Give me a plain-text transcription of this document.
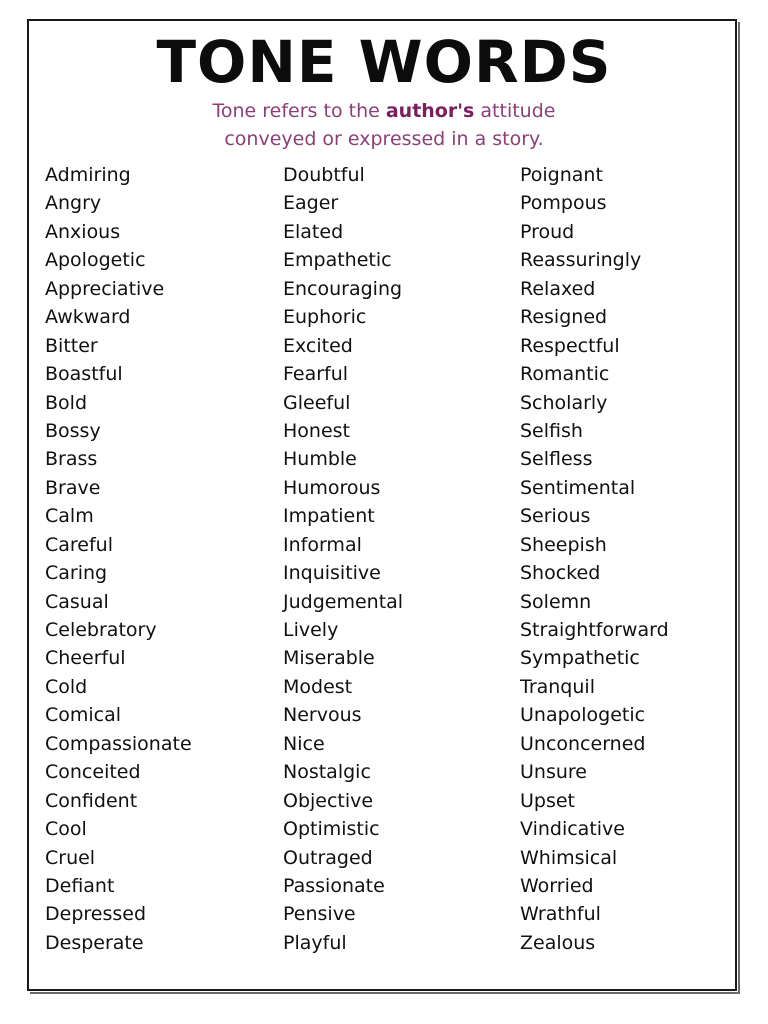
TONE WORDS
Tone refers to the author's attitude
conveyed or expressed in a story.
Admiring
Angry
Anxious
Apologetic
Appreciative
Awkward
Bitter
Boastful
Bold
Bossy
Brass
Brave
Calm
Careful
Caring
Casual
Celebratory
Cheerful
Cold
Comical
Compassionate
Conceited
Confident
Cool
Cruel
Defiant
Depressed
Desperate
Doubtful
Eager
Elated
Empathetic
Encouraging
Euphoric
Excited
Fearful
Gleeful
Honest
Humble
Humorous
Impatient
Informal
Inquisitive
Judgemental
Lively
Miserable
Modest
Nervous
Nice
Nostalgic
Objective
Optimistic
Outraged
Passionate
Pensive
Playful
Poignant
Pompous
Proud
Reassuringly
Relaxed
Resigned
Respectful
Romantic
Scholarly
Selfish
Selfless
Sentimental
Serious
Sheepish
Shocked
Solemn
Straightforward
Sympathetic
Tranquil
Unapologetic
Unconcerned
Unsure
Upset
Vindicative
Whimsical
Worried
Wrathful
Zealous
